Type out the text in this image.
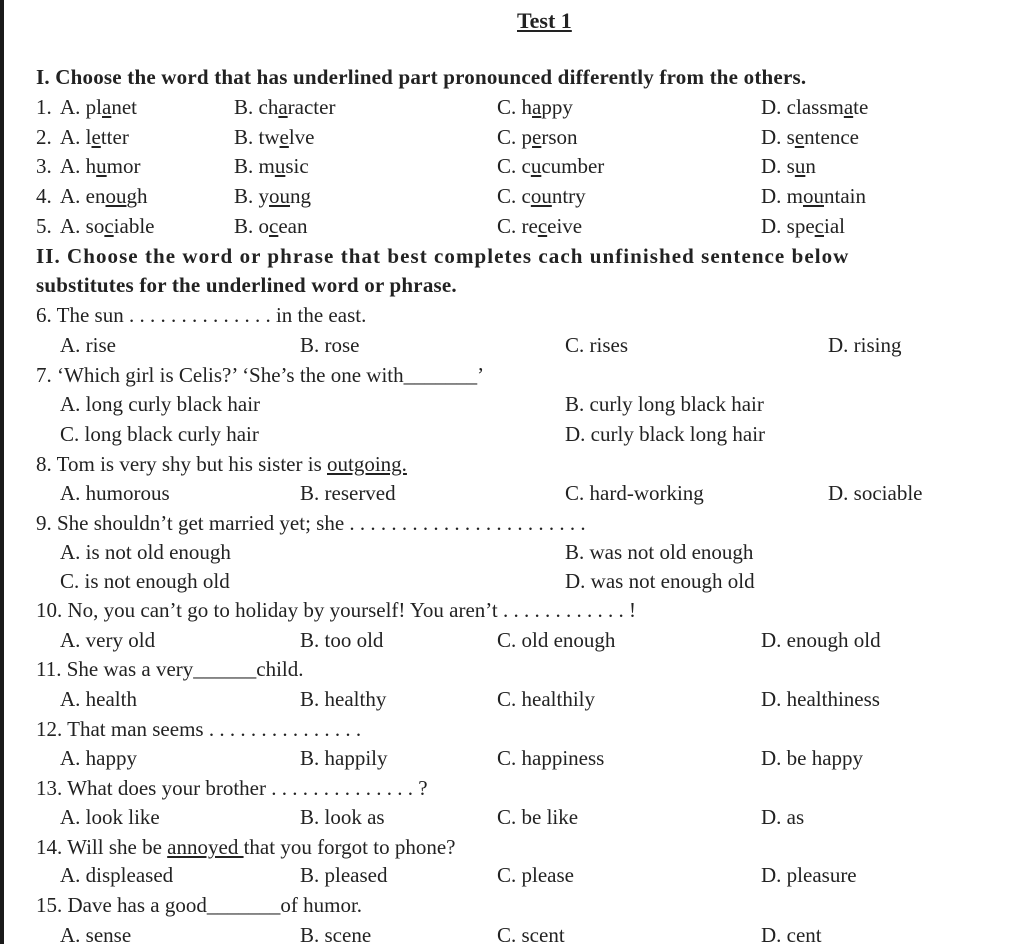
Test 1
I. Choose the word that has underlined part pronounced differently from the others.
1. A. planet	B. character	C. happy	D. classmate
2. A. letter	B. twelve	C. person	D. sentence
3. A. humor	B. music	C. cucumber	D. sun
4. A. enough	B. young	C. country	D. mountain
5. A. sociable	B. ocean	C. receive	D. special
II. Choose the word or phrase that best completes cach unfinished sentence below
substitutes for the underlined word or phrase.
6. The sun . . . . . . . . . . . . . . in the east.
A. rise	B. rose	C. rises	D. rising
7. ‘Which girl is Celis?’ ‘She’s the one with_______’
A. long curly black hair	B. curly long black hair
C. long black curly hair	D. curly black long hair
8. Tom is very shy but his sister is outgoing.
A. humorous	B. reserved	C. hard-working	D. sociable
9. She shouldn’t get married yet; she . . . . . . . . . . . . . . . . . . . . . . .
A. is not old enough	B. was not old enough
C. is not enough old	D. was not enough old
10. No, you can’t go to holiday by yourself! You aren’t . . . . . . . . . . . . !
A. very old	B. too old	C. old enough	D. enough old
11. She was a very______child.
A. health	B. healthy	C. healthily	D. healthiness
12. That man seems . . . . . . . . . . . . . . .
A. happy	B. happily	C. happiness	D. be happy
13. What does your brother . . . . . . . . . . . . . . ?
A. look like	B. look as	C. be like	D. as
14. Will she be annoyed that you forgot to phone?
A. displeased	B. pleased	C. please	D. pleasure
15. Dave has a good_______of humor.
A. sense	B. scene	C. scent	D. cent
